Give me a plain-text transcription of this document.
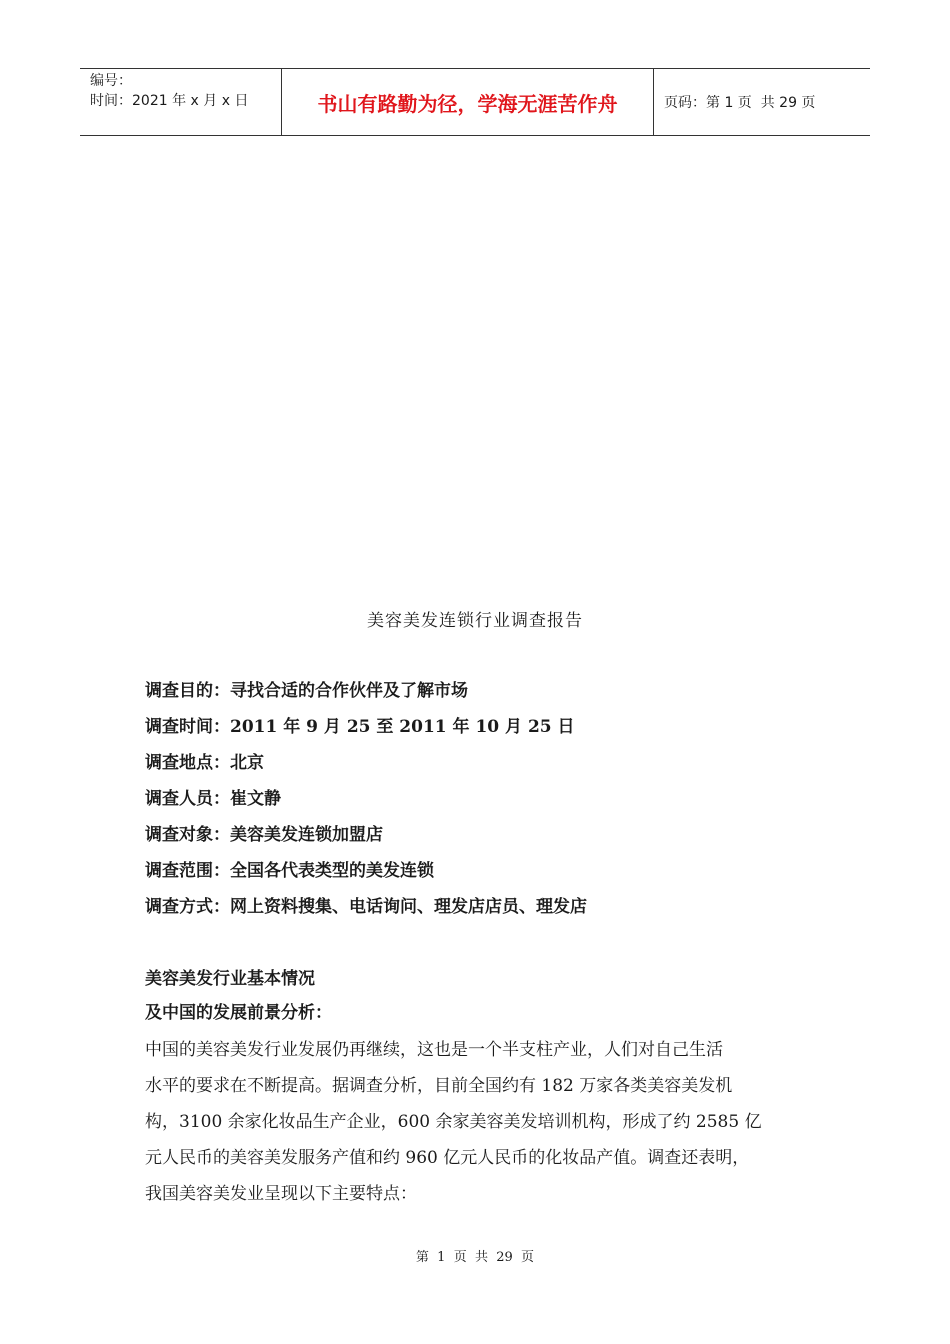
编号：
时间：2021 年 x 月 x 日	书山有路勤为径，学海无涯苦作舟	页码：第 1 页  共 29 页
美容美发连锁行业调查报告
调查目的：寻找合适的合作伙伴及了解市场
调查时间：2011 年 9 月 25 至 2011 年 10 月 25 日
调查地点：北京
调查人员：崔文静
调查对象：美容美发连锁加盟店
调查范围：全国各代表类型的美发连锁
调查方式：网上资料搜集、电话询问、理发店店员、理发店
美容美发行业基本情况
及中国的发展前景分析：
中国的美容美发行业发展仍再继续，这也是一个半支柱产业，人们对自己生活
水平的要求在不断提高。据调查分析，目前全国约有 182 万家各类美容美发机
构，3100 余家化妆品生产企业，600 余家美容美发培训机构，形成了约 2585 亿
元人民币的美容美发服务产值和约 960 亿元人民币的化妆品产值。调查还表明，
我国美容美发业呈现以下主要特点：
第  1  页  共  29  页
